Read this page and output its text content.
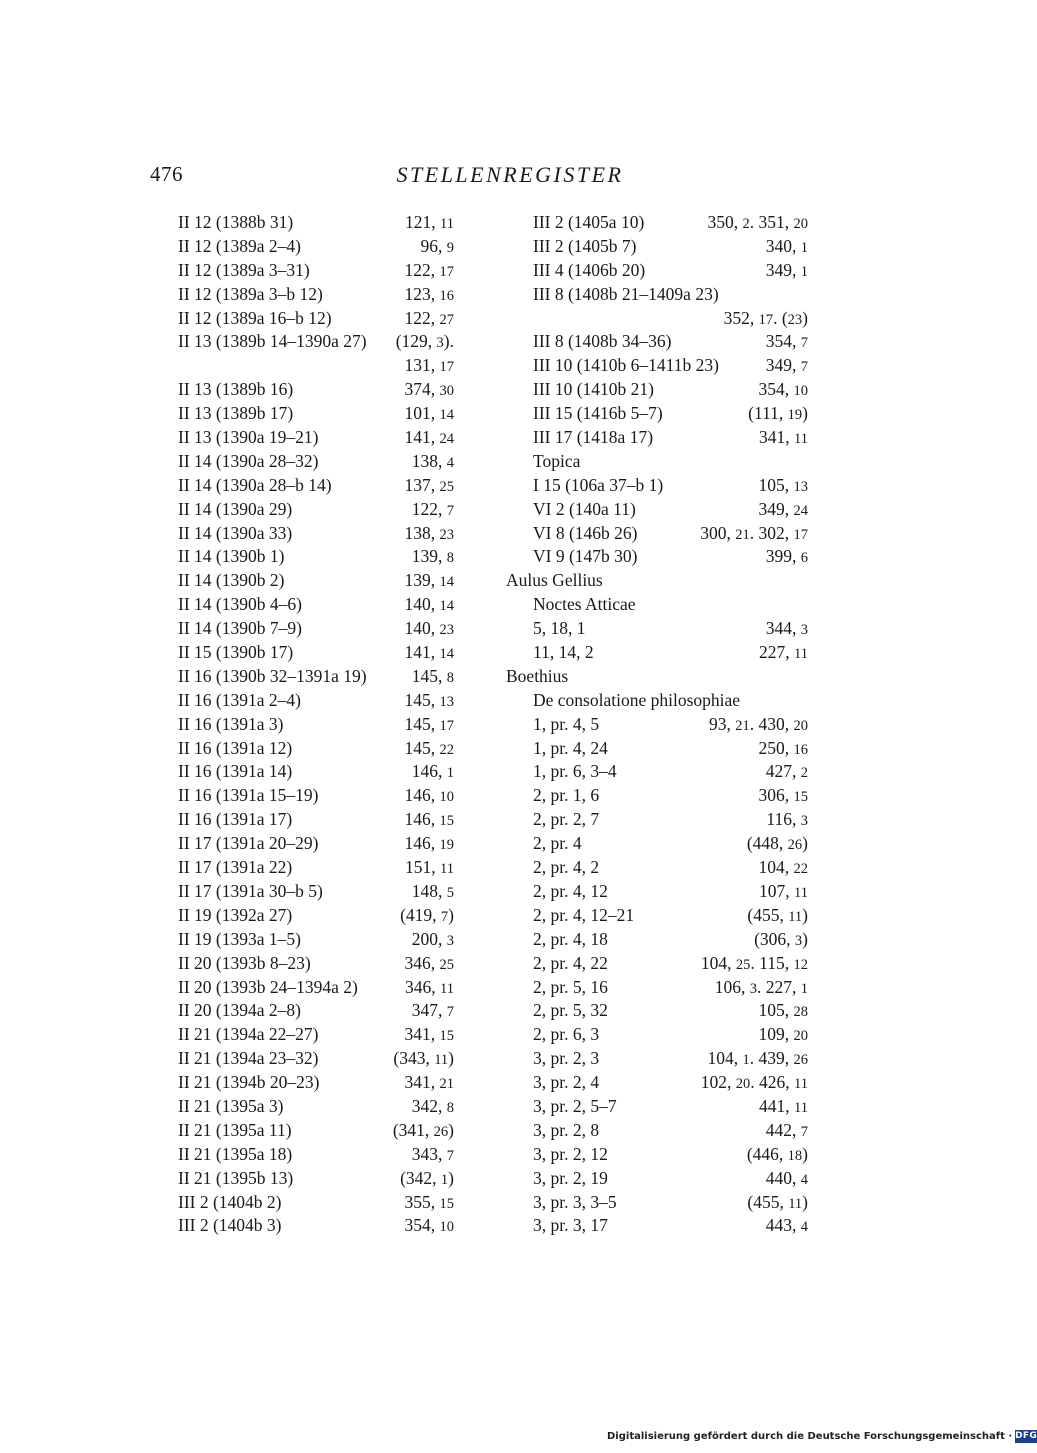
476	STELLENREGISTER
II 12 (1388b 31)	121, 11
II 12 (1389a 2–4)	96, 9
II 12 (1389a 3–31)	122, 17
II 12 (1389a 3–b 12)	123, 16
II 12 (1389a 16–b 12)	122, 27
II 13 (1389b 14–1390a 27) (129, 3).
131, 17
II 13 (1389b 16)	374, 30
II 13 (1389b 17)	101, 14
II 13 (1390a 19–21)	141, 24
II 14 (1390a 28–32)	138, 4
II 14 (1390a 28–b 14)	137, 25
II 14 (1390a 29)	122, 7
II 14 (1390a 33)	138, 23
II 14 (1390b 1)	139, 8
II 14 (1390b 2)	139, 14
II 14 (1390b 4–6)	140, 14
II 14 (1390b 7–9)	140, 23
II 15 (1390b 17)	141, 14
II 16 (1390b 32–1391a 19)	145, 8
II 16 (1391a 2–4)	145, 13
II 16 (1391a 3)	145, 17
II 16 (1391a 12)	145, 22
II 16 (1391a 14)	146, 1
II 16 (1391a 15–19)	146, 10
II 16 (1391a 17)	146, 15
II 17 (1391a 20–29)	146, 19
II 17 (1391a 22)	151, 11
II 17 (1391a 30–b 5)	148, 5
II 19 (1392a 27)	(419, 7)
II 19 (1393a 1–5)	200, 3
II 20 (1393b 8–23)	346, 25
II 20 (1393b 24–1394a 2)	346, 11
II 20 (1394a 2–8)	347, 7
II 21 (1394a 22–27)	341, 15
II 21 (1394a 23–32)	(343, 11)
II 21 (1394b 20–23)	341, 21
II 21 (1395a 3)	342, 8
II 21 (1395a 11)	(341, 26)
II 21 (1395a 18)	343, 7
II 21 (1395b 13)	(342, 1)
III 2 (1404b 2)	355, 15
III 2 (1404b 3)	354, 10
III 2 (1405a 10)	350, 2. 351, 20
III 2 (1405b 7)	340, 1
III 4 (1406b 20)	349, 1
III 8 (1408b 21–1409a 23)
352, 17. (23)
III 8 (1408b 34–36)	354, 7
III 10 (1410b 6–1411b 23)	349, 7
III 10 (1410b 21)	354, 10
III 15 (1416b 5–7)	(111, 19)
III 17 (1418a 17)	341, 11
Topica
I 15 (106a 37–b 1)	105, 13
VI 2 (140a 11)	349, 24
VI 8 (146b 26)	300, 21. 302, 17
VI 9 (147b 30)	399, 6
Aulus Gellius
Noctes Atticae
5, 18, 1	344, 3
11, 14, 2	227, 11
Boethius
De consolatione philosophiae
1, pr. 4, 5	93, 21. 430, 20
1, pr. 4, 24	250, 16
1, pr. 6, 3–4	427, 2
2, pr. 1, 6	306, 15
2, pr. 2, 7	116, 3
2, pr. 4	(448, 26)
2, pr. 4, 2	104, 22
2, pr. 4, 12	107, 11
2, pr. 4, 12–21	(455, 11)
2, pr. 4, 18	(306, 3)
2, pr. 4, 22	104, 25. 115, 12
2, pr. 5, 16	106, 3. 227, 1
2, pr. 5, 32	105, 28
2, pr. 6, 3	109, 20
3, pr. 2, 3	104, 1. 439, 26
3, pr. 2, 4	102, 20. 426, 11
3, pr. 2, 5–7	441, 11
3, pr. 2, 8	442, 7
3, pr. 2, 12	(446, 18)
3, pr. 2, 19	440, 4
3, pr. 3, 3–5	(455, 11)
3, pr. 3, 17	443, 4
Digitalisierung gefördert durch die Deutsche Forschungsgemeinschaft · DFG
